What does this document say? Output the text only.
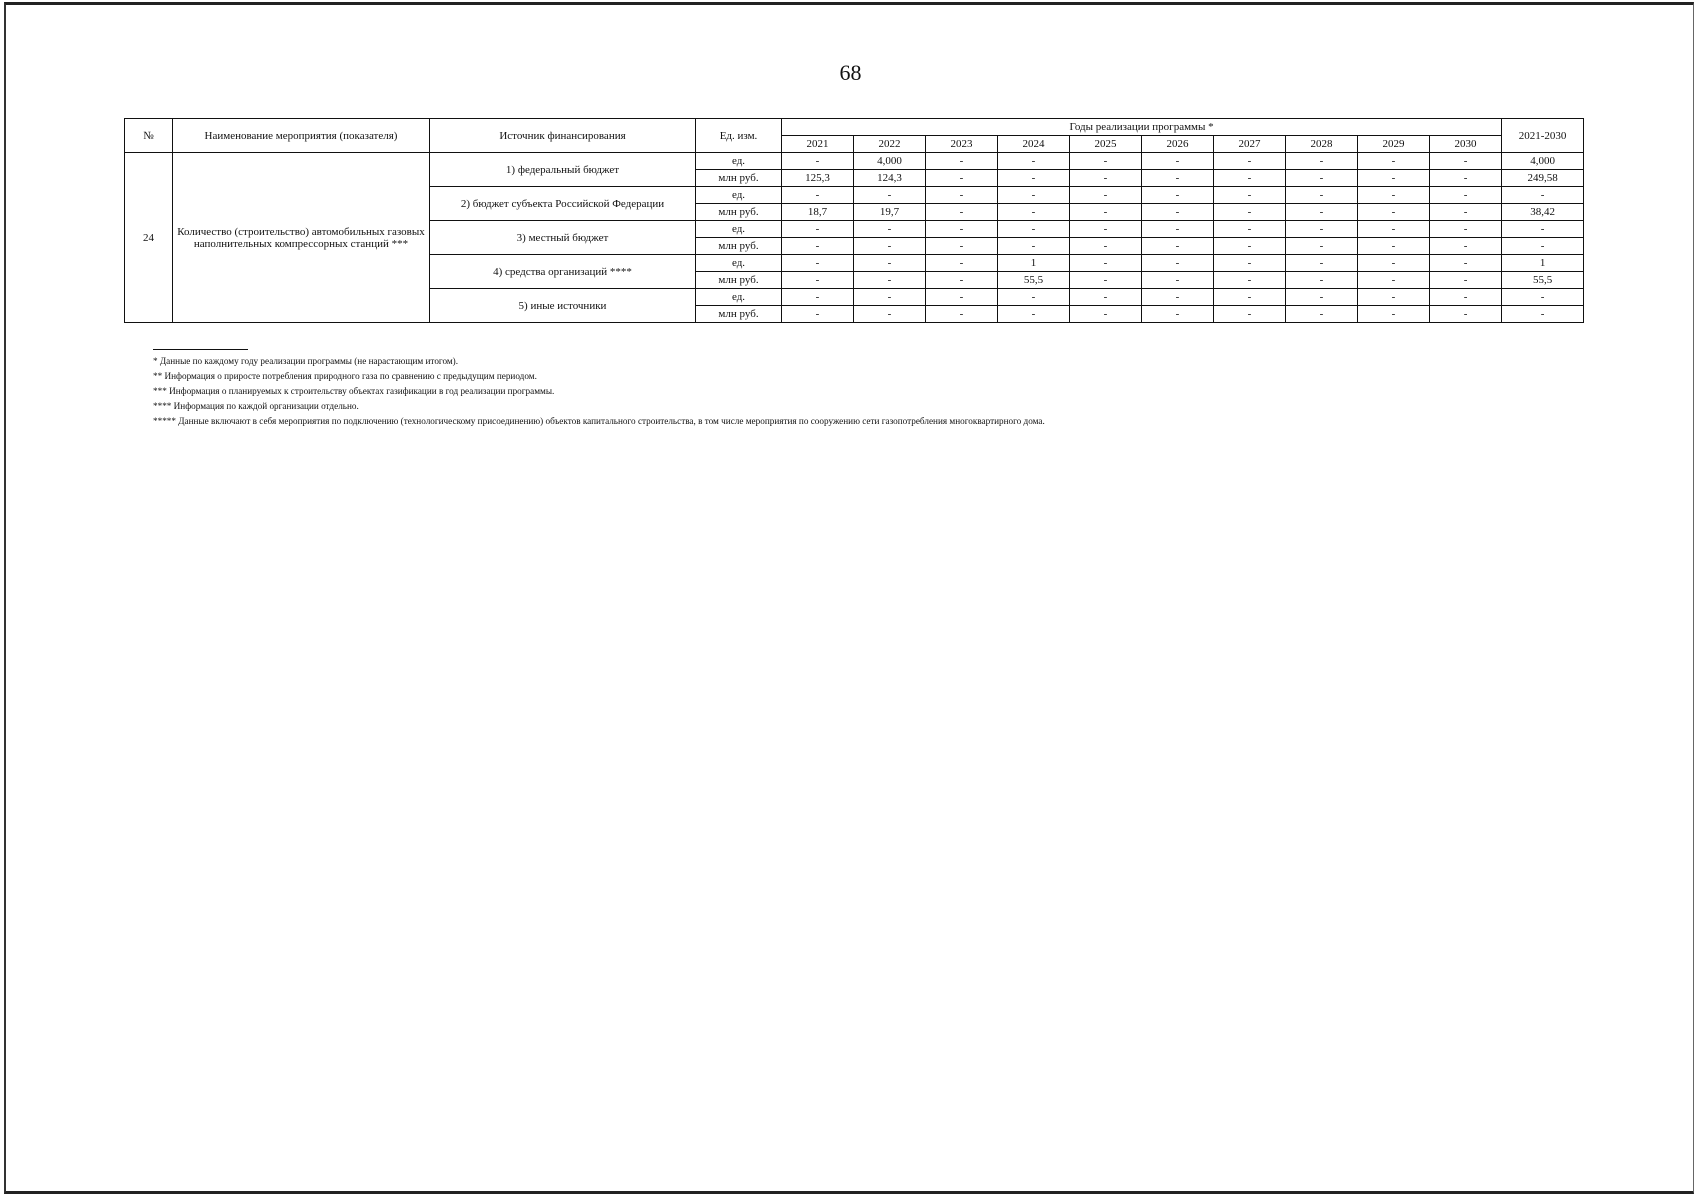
68
№	Наименование мероприятия (показателя)	Источник финансирования	Ед. изм.	Годы реализации программы *										2021-2030
				2021	2022	2023	2024	2025	2026	2027	2028	2029	2030	
24	Количество (строительство) автомобильных газовых наполнительных компрессорных станций ***	1) федеральный бюджет	ед.	-	4,000	-	-	-	-	-	-	-	-	4,000
			млн руб.	125,3	124,3	-	-	-	-	-	-	-	-	249,58
		2) бюджет субъекта Российской Федерации	ед.	-	-	-	-	-	-	-	-	-	-	-
			млн руб.	18,7	19,7	-	-	-	-	-	-	-	-	38,42
		3) местный бюджет	ед.	-	-	-	-	-	-	-	-	-	-	-
			млн руб.	-	-	-	-	-	-	-	-	-	-	-
		4) средства организаций ****	ед.	-	-	-	1	-	-	-	-	-	-	1
			млн руб.	-	-	-	55,5	-	-	-	-	-	-	55,5
		5) иные источники	ед.	-	-	-	-	-	-	-	-	-	-	-
			млн руб.	-	-	-	-	-	-	-	-	-	-	-
* Данные по каждому году реализации программы (не нарастающим итогом).
** Информация о приросте потребления природного газа по сравнению с предыдущим периодом.
*** Информация о планируемых к строительству объектах газификации в год реализации программы.
**** Информация по каждой организации отдельно.
***** Данные включают в себя мероприятия по подключению (технологическому присоединению) объектов капитального строительства, в том числе мероприятия по сооружению сети газопотребления многоквартирного дома.
